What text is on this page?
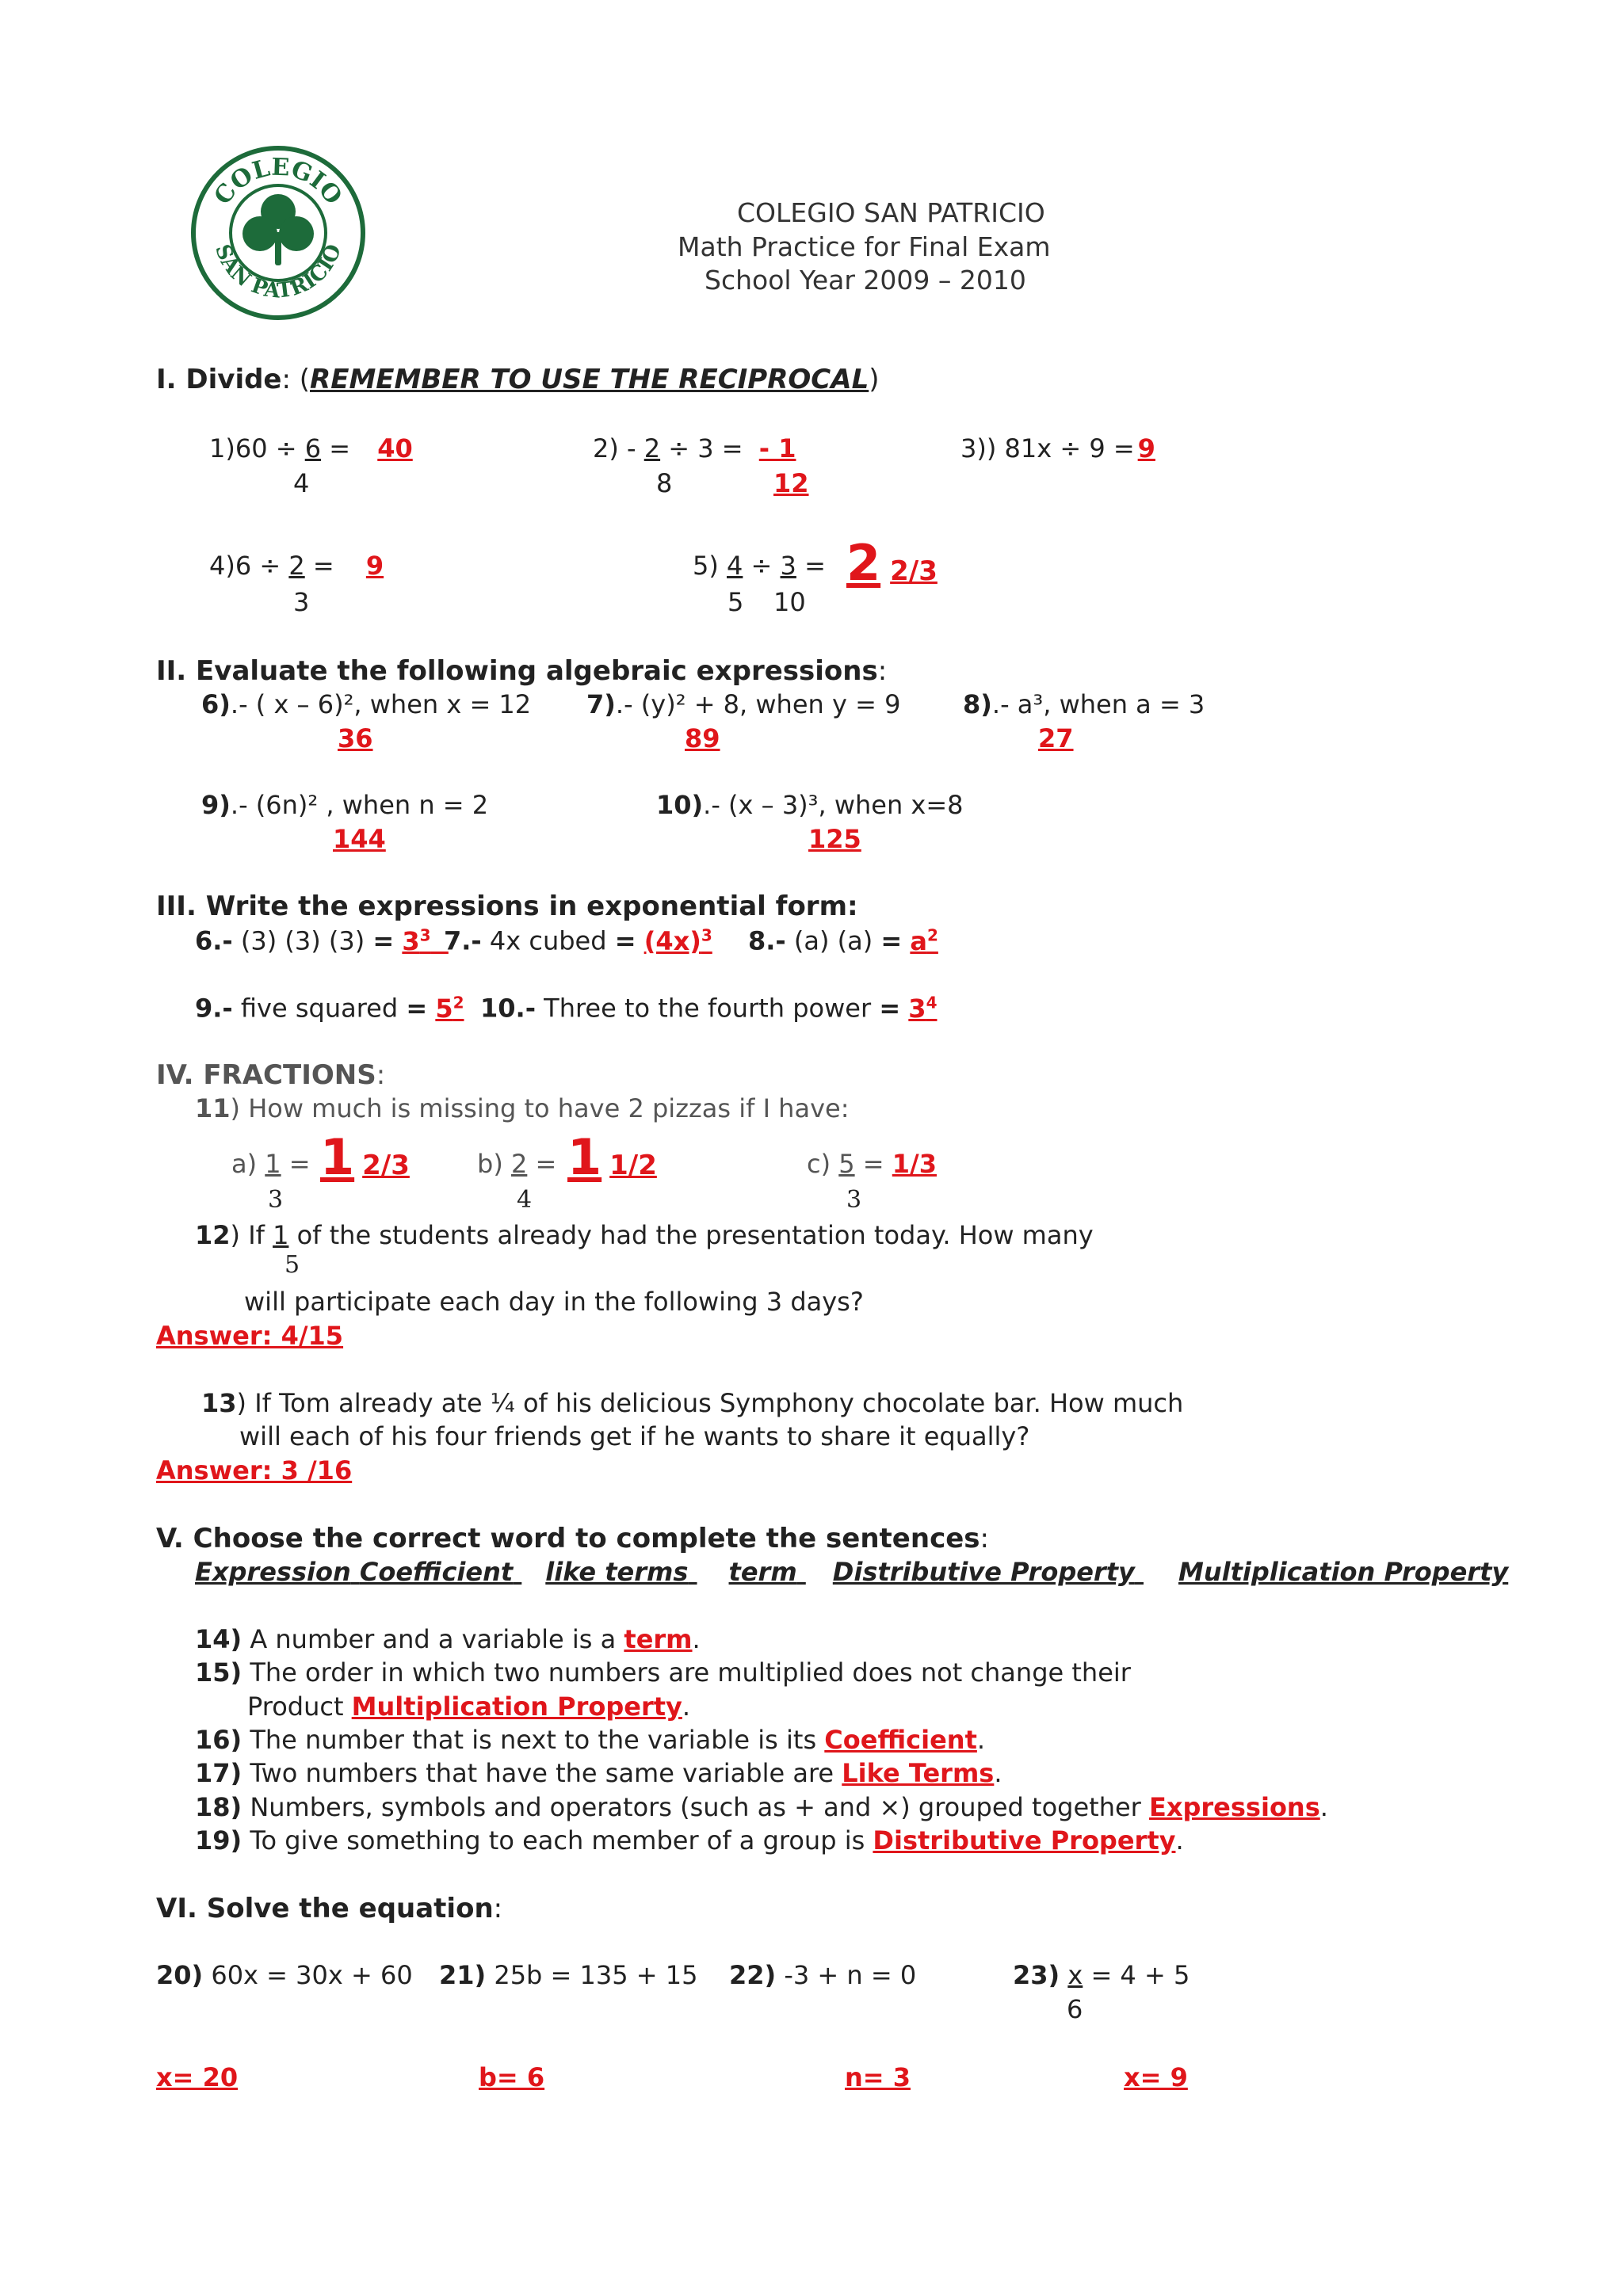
COLEGIO
SAN PATRICIO
COLEGIO SAN PATRICIO
Math Practice for Final Exam
School Year 2009 – 2010
I. Divide: (REMEMBER TO USE THE RECIPROCAL)
1)60 ÷ 6 = 40
4
2) - 2 ÷ 3 = - 1
8	12
3)) 81x ÷ 9 = 9
4)6 ÷ 2 = 9
3
5) 4 ÷ 3 = 2 2/3
5 10
II. Evaluate the following algebraic expressions:
6).- ( x – 6)², when x = 12
36
7).- (y)² + 8, when y = 9
89
8).- a³, when a = 3
27
9).- (6n)² , when n = 2
144
10).- (x – 3)³, when x=8
125
III. Write the expressions in exponential form:
6.- (3) (3) $(3) = 3^3$ 7.- 4x cubed = $(4x)^3$ 8.- (a) $(a) = a^2$
9.- five squared = $5^2$ 10.- Three to the fourth power = $3^4$
IV. FRACTIONS:
11) How much is missing to have 2 pizzas if I have:
a) 1 = 1 2/3
3
b) 2 = 1 1/2
4
c) 5 = 1/3
3
12) If 1 of the students already had the presentation today. How many
5
will participate each day in the following 3 days?
Answer: 4/15
13) If Tom already ate ¼ of his delicious Symphony chocolate bar. How much
will each of his four friends get if he wants to share it equally?
Answer: 3 /16
V. Choose the correct word to complete the sentences:
Expression Coefficient like terms term Distributive Property Multiplication Property
14) A number and a variable is a term.
15) The order in which two numbers are multiplied does not change their
Product Multiplication Property.
16) The number that is next to the variable is its Coefficient.
17) Two numbers that have the same variable are Like Terms.
18) Numbers, symbols and operators (such as + and ×) grouped together Expressions.
19) To give something to each member of a group is Distributive Property.
VI. Solve the equation:
20) 60x = 30x + 60 21) 25b = 135 + 15 22) -3 + n = 0	23) x = 4 + 5
6
x= 20	b= 6	n= 3	x= 9
